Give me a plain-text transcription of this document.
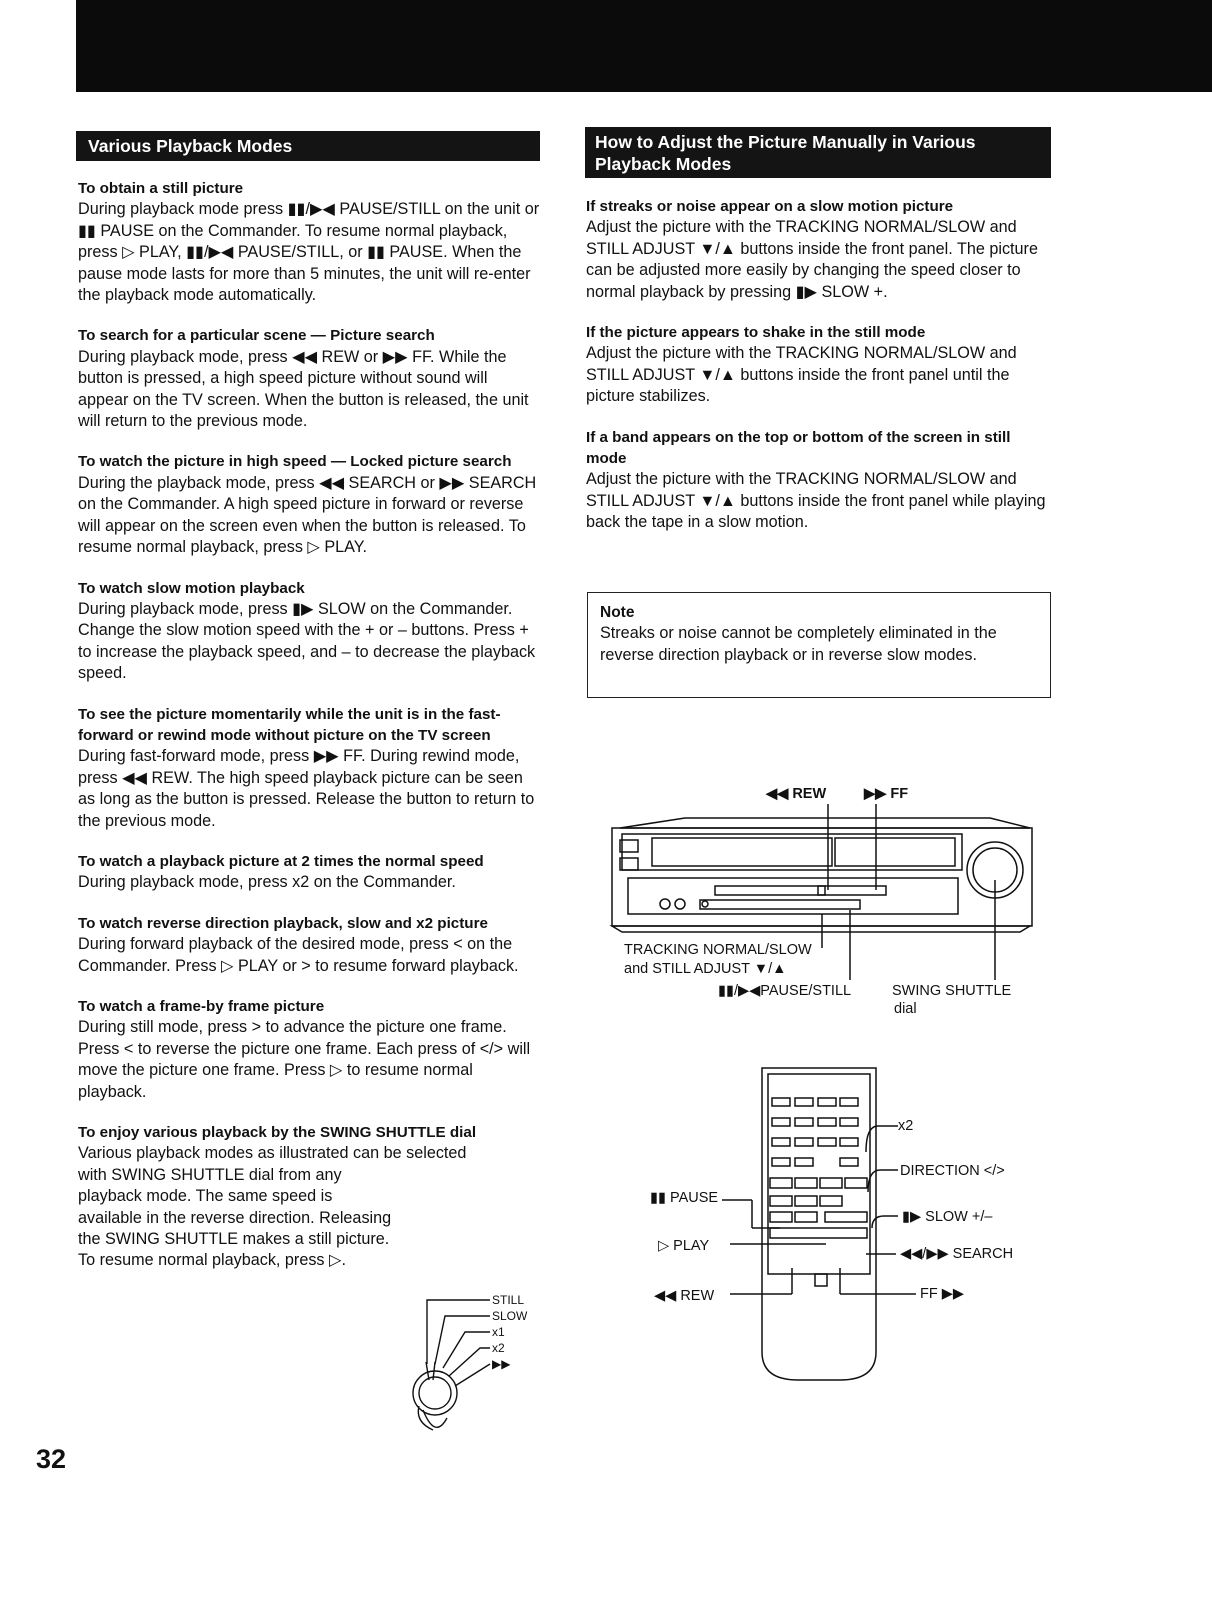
Various Playback Modes	How to Adjust the Picture Manually in Various
Playback Modes
To obtain a still picture

During playback mode press ▮▮/▶◀ PAUSE/STILL on the unit or ▮▮ PAUSE on the Commander. To resume normal playback, press ▷ PLAY, ▮▮/▶◀ PAUSE/STILL, or ▮▮ PAUSE. When the pause mode lasts for more than 5 minutes, the unit will re-enter the playback mode automatically.

To search for a particular scene — Picture search

During playback mode, press ◀◀ REW or ▶▶ FF. While the button is pressed, a high speed picture without sound will appear on the TV screen. When the button is released, the unit will return to the previous mode.

To watch the picture in high speed — Locked picture search

During the playback mode, press ◀◀ SEARCH or ▶▶ SEARCH on the Commander. A high speed picture in forward or reverse will appear on the screen even when the button is released. To resume normal playback, press ▷ PLAY.

To watch slow motion playback

During playback mode, press ▮▶ SLOW on the Commander. Change the slow motion speed with the + or – buttons. Press + to increase the playback speed, and – to decrease the playback speed.

To see the picture momentarily while the unit is in the fast-forward or rewind mode without picture on the TV screen

During fast-forward mode, press ▶▶ FF. During rewind mode, press ◀◀ REW. The high speed playback picture can be seen as long as the button is pressed. Release the button to return to the previous mode.

To watch a playback picture at 2 times the normal speed

During playback mode, press x2 on the Commander.

To watch reverse direction playback, slow and x2 picture

During forward playback of the desired mode, press < on the Commander. Press ▷ PLAY or > to resume forward playback.

To watch a frame-by frame picture

During still mode, press > to advance the picture one frame. Press < to reverse the picture one frame. Each press of </> will move the picture one frame. Press ▷ to resume normal playback.

To enjoy various playback by the SWING SHUTTLE dial

Various playback modes as illustrated can be selected

with SWING SHUTTLE dial from any playback mode. The same speed is available in the reverse direction. Releasing the SWING SHUTTLE makes a still picture. To resume normal playback, press ▷.

STILL
SLOW
x1
x2
▶▶
If streaks or noise appear on a slow motion picture

Adjust the picture with the TRACKING NORMAL/SLOW and STILL ADJUST ▼/▲ buttons inside the front panel. The picture can be adjusted more easily by changing the speed closer to normal playback by pressing ▮▶ SLOW +.

If the picture appears to shake in the still mode

Adjust the picture with the TRACKING NORMAL/SLOW and STILL ADJUST ▼/▲ buttons inside the front panel until the picture stabilizes.

If a band appears on the top or bottom of the screen in still mode

Adjust the picture with the TRACKING NORMAL/SLOW and STILL ADJUST ▼/▲ buttons inside the front panel while playing back the tape in a slow motion.

Note

Streaks or noise cannot be completely eliminated in the reverse direction playback or in reverse slow modes.

◀◀ REW	▶▶ FF
TRACKING NORMAL/SLOW
and STILL ADJUST ▼/▲
▮▮/▶◀PAUSE/STILL	SWING SHUTTLE
dial
x2
DIRECTION </>
▮▶ SLOW +/–
◀◀/▶▶ SEARCH
FF ▶▶
▮▮ PAUSE
▷ PLAY
◀◀ REW
32
